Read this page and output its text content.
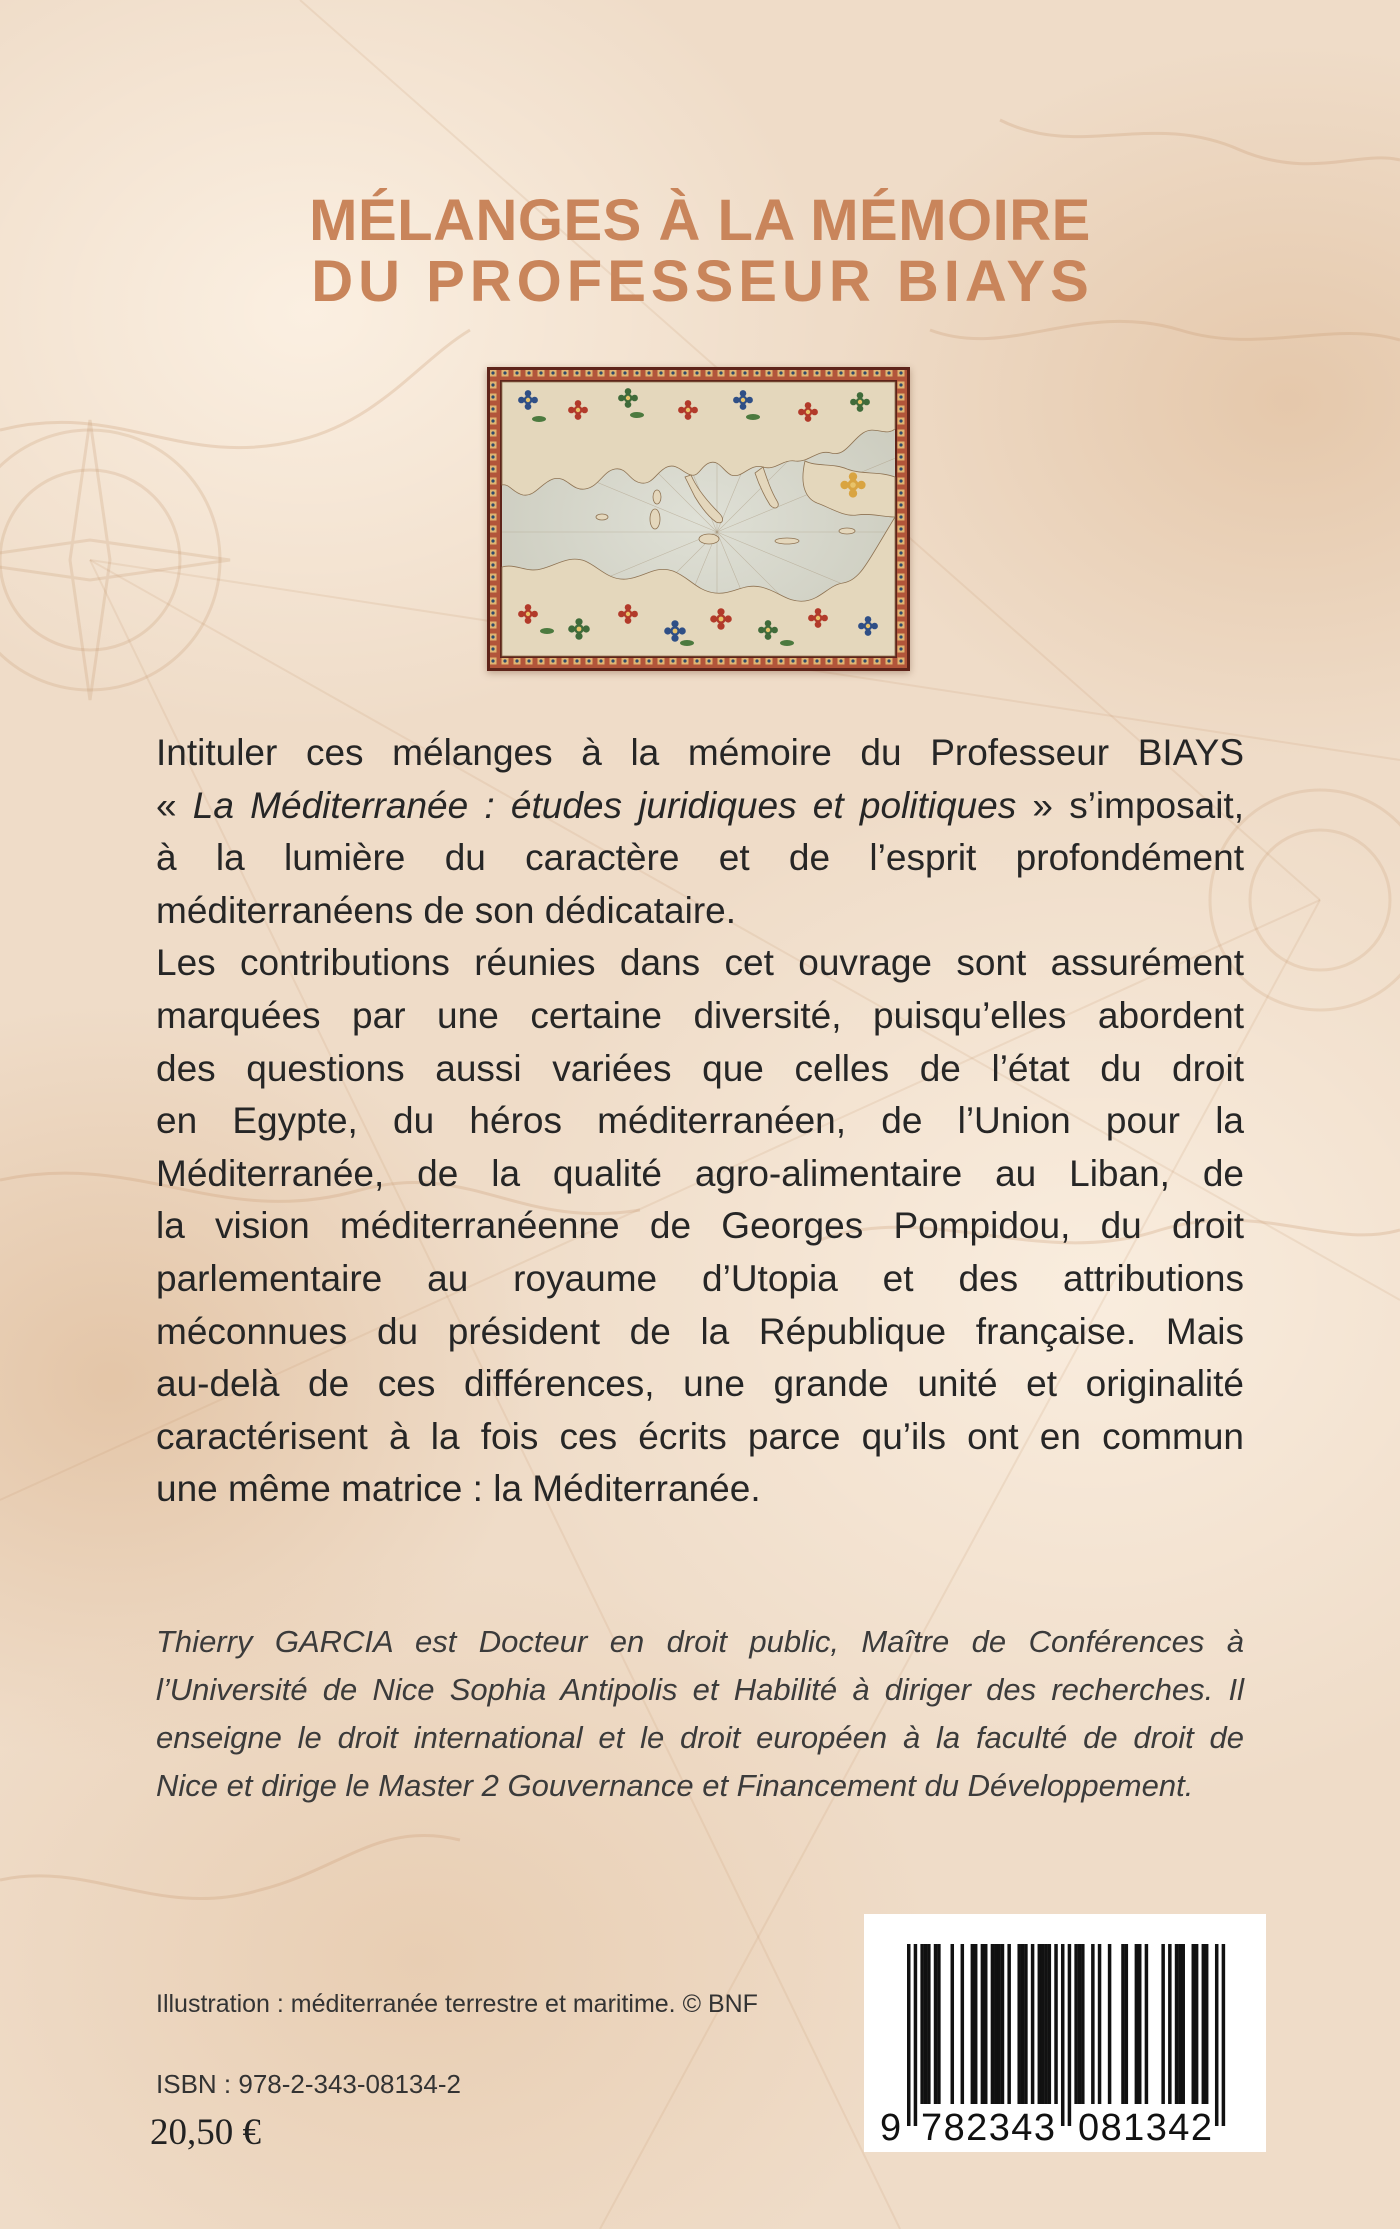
MÉLANGES À LA MÉMOIRE
DU PROFESSEUR BIAYS
Intituler ces mélanges à la mémoire du Professeur BIAYS
« La Méditerranée : études juridiques et politiques » s’imposait,
à la lumière du caractère et de l’esprit profondément
méditerranéens de son dédicataire.
Les contributions réunies dans cet ouvrage sont assurément
marquées par une certaine diversité, puisqu’elles abordent
des questions aussi variées que celles de l’état du droit
en Egypte, du héros méditerranéen, de l’Union pour la
Méditerranée, de la qualité agro-alimentaire au Liban, de
la vision méditerranéenne de Georges Pompidou, du droit
parlementaire au royaume d’Utopia et des attributions
méconnues du président de la République française. Mais
au-delà de ces différences, une grande unité et originalité
caractérisent à la fois ces écrits parce qu’ils ont en commun
une même matrice : la Méditerranée.
Thierry GARCIA est Docteur en droit public, Maître de Conférences à
l’Université de Nice Sophia Antipolis et Habilité à diriger des recherches. Il
enseigne le droit international et le droit européen à la faculté de droit de
Nice et dirige le Master 2 Gouvernance et Financement du Développement.
Illustration : méditerranée terrestre et maritime. © BNF
ISBN : 978-2-343-08134-2
20,50 €	9 782343 081342
